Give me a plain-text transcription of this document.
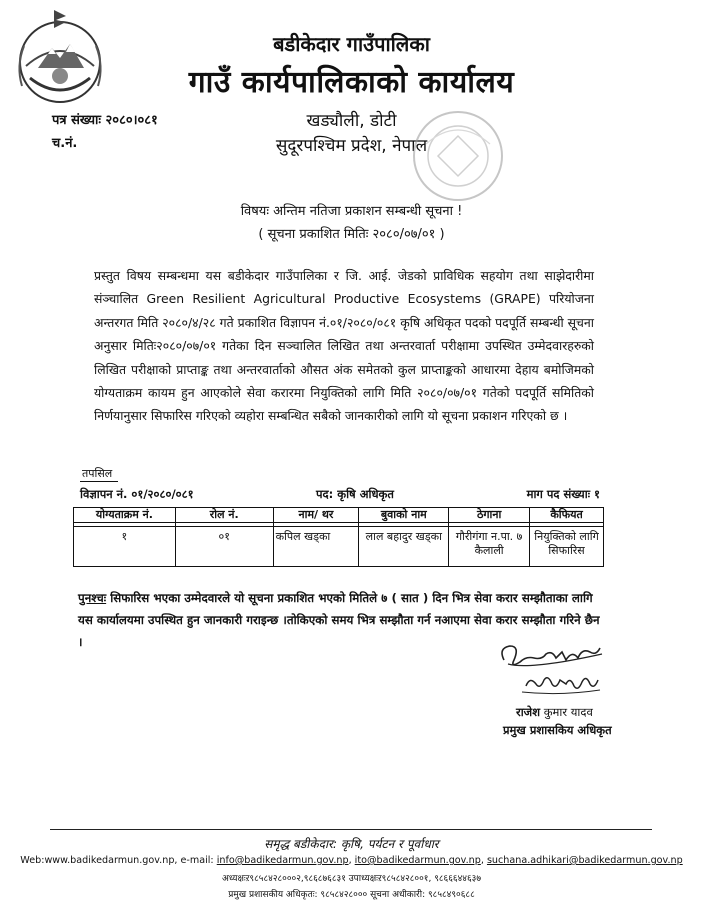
बडीकेदार गाउँपालिका
गाउँ कार्यपालिकाको कार्यालय
पत्र संख्याः २०८०।०८१
च.नं.
खड्यौली, डोटी
सुदूरपश्चिम प्रदेश, नेपाल
विषयः अन्तिम नतिजा प्रकाशन सम्बन्धी सूचना !
( सूचना प्रकाशित मितिः २०८०/०७/०१ )
प्रस्तुत विषय सम्बन्धमा यस बडीकेदार गाउँपालिका र जि. आई. जेडको प्राविधिक सहयोग तथा साझेदारीमा संञ्चालित Green Resilient Agricultural Productive Ecosystems (GRAPE) परियोजना अन्तरगत मिति २०८०/४/२८ गते प्रकाशित विज्ञापन नं.०१/२०८०/०८१ कृषि अधिकृत पदको पदपूर्ति सम्बन्धी सूचना अनुसार मितिः२०८०/०७/०१ गतेका दिन सञ्चालित लिखित तथा अन्तरवार्ता परीक्षामा उपस्थित उम्मेदवारहरुको लिखित परीक्षाको प्राप्ताङ्क तथा अन्तरवार्ताको औसत अंक समेतको कुल प्राप्ताङ्कको आधारमा देहाय बमोजिमको योग्यताक्रम कायम हुन आएकोले सेवा करारमा नियुक्तिको लागि मिति २०८०/०७/०१ गतेको पदपूर्ति समितिको निर्णयानुसार सिफारिस गरिएको व्यहोरा सम्बन्धित सबैको जानकारीको लागि यो सूचना प्रकाशन गरिएको छ ।
तपसिल
विज्ञापन नं. ०१/२०८०/०८१	पद: कृषि अधिकृत	माग पद संख्याः १
योग्यताक्रम नं.	रोल नं.	नाम/ थर	बुवाको नाम	ठेगाना	कैफियत

१	०१	कपिल खड्का	लाल बहादुर खड्का	गौरीगंगा न.पा. ७ कैलाली	नियुक्तिको लागि सिफारिस
पुनश्चः सिफारिस भएका उम्मेदवारले यो सूचना प्रकाशित भएको मितिले ७ ( सात ) दिन भित्र सेवा करार सम्झौताका लागि यस कार्यालयमा उपस्थित हुन जानकारी गराइन्छ ।तोकिएको समय भित्र सम्झौता गर्न नआएमा सेवा करार सम्झौता गरिने छैन ।
राजेश कुमार यादव
प्रमुख प्रशासकिय अधिकृत
समृद्ध बडीकेदार: कृषि, पर्यटन र पूर्वाधार
Web:www.badikedarmun.gov.np, e-mail: info@badikedarmun.gov.np, ito@badikedarmun.gov.np, suchana.adhikari@badikedarmun.gov.np
अध्यक्षःऱ९८५८४२८०००२,९८६८७६८३१ उपाध्यक्षःऱ९८५८४२८००१, ९८६६६४४६३७
प्रमुख प्रशासकीय अधिकृतः: ९८५८४२८००० सूचना अधीकारी: ९८५८४९०६८८
